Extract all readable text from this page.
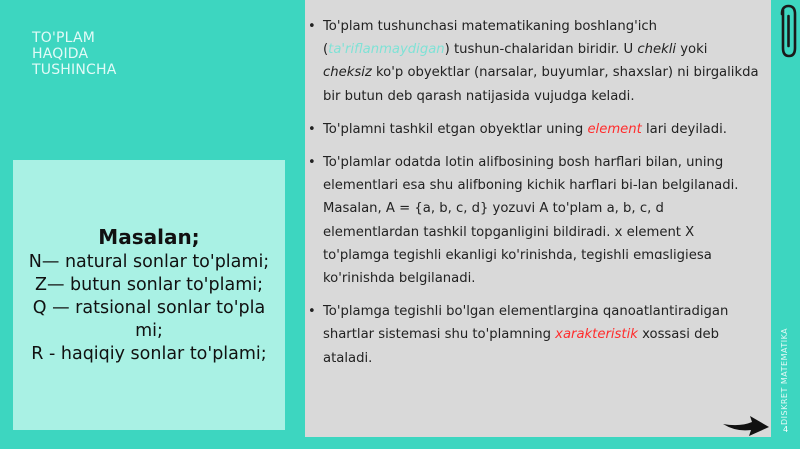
TO'PLAM
HAQIDA
TUSHINCHA
Masalan;
N— natural sonlar to'plami;
Z— butun sonlar to'plami;
Q — ratsional sonlar to'pla mi;
R - haqiqiy sonlar to'plami;
• To'plam tushunchasi matematikaning boshlang'ich (ta'riflanmaydigan) tushun-chalaridan biridir. U chekli yoki cheksiz ko'p obyektlar (narsalar, buyumlar, shaxslar) ni birgalikda bir butun deb qarash natijasida vujudga keladi.
• To'plamni tashkil etgan obyektlar uning element lari deyiladi.
• To'plamlar odatda lotin alifbosining bosh harflari bilan, uning elementlari esa shu alifboning kichik harflari bi-lan belgilanadi. Masalan, A = {a, b, c, d} yozuvi A to'plam a, b, c, d elementlardan tashkil topganligini bildiradi. x element X to'plamga tegishli ekanligi ko'rinishda, tegishli emɑsligiesa ko'rinishda belgilanadi.
• To'plamga tegishli bo'lgan elementlargina qanoatlantiradigan shartlar sistemasi shu to'plamning xarakteristik xossasi deb ataladi.	DISKRET MATEMATIKA
4
